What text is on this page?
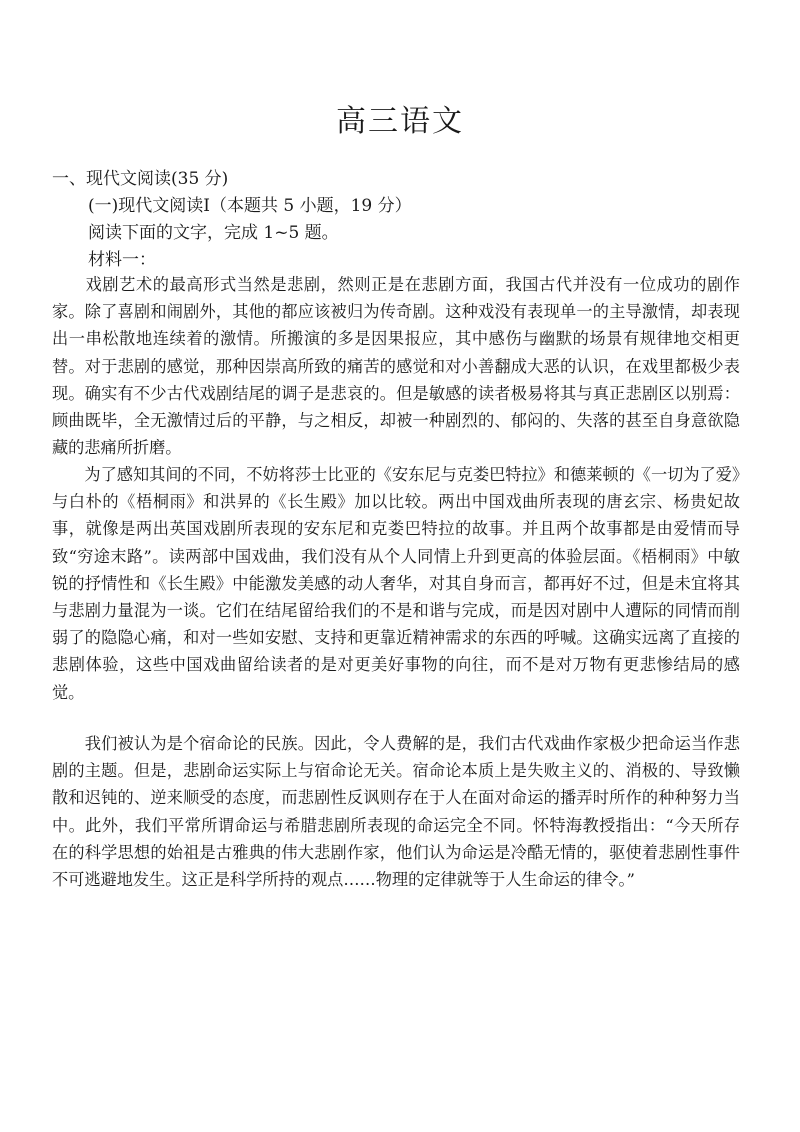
高三语文

一、现代文阅读(35 分)

(一)现代文阅读Ⅰ（本题共 5 小题，19 分）

阅读下面的文字，完成 1~5 题。

材料一：

　　戏剧艺术的最高形式当然是悲剧，然则正是在悲剧方面，我国古代并没有一位成功的剧作家。除了喜剧和闹剧外，其他的都应该被归为传奇剧。这种戏没有表现单一的主导激情，却表现出一串松散地连续着的激情。所搬演的多是因果报应，其中感伤与幽默的场景有规律地交相更替。对于悲剧的感觉，那种因崇高所致的痛苦的感觉和对小善翻成大恶的认识，在戏里都极少表现。确实有不少古代戏剧结尾的调子是悲哀的。但是敏感的读者极易将其与真正悲剧区以别焉：顾曲既毕，全无激情过后的平静，与之相反，却被一种剧烈的、郁闷的、失落的甚至自身意欲隐藏的悲痛所折磨。

　　为了感知其间的不同，不妨将莎士比亚的《安东尼与克娄巴特拉》和德莱顿的《一切为了爱》与白朴的《梧桐雨》和洪昇的《长生殿》加以比较。两出中国戏曲所表现的唐玄宗、杨贵妃故事，就像是两出英国戏剧所表现的安东尼和克娄巴特拉的故事。并且两个故事都是由爱情而导致“穷途末路”。读两部中国戏曲，我们没有从个人同情上升到更高的体验层面。《梧桐雨》中敏锐的抒情性和《长生殿》中能激发美感的动人奢华，对其自身而言，都再好不过，但是未宜将其与悲剧力量混为一谈。它们在结尾留给我们的不是和谐与完成，而是因对剧中人遭际的同情而削弱了的隐隐心痛，和对一些如安慰、支持和更靠近精神需求的东西的呼喊。这确实远离了直接的悲剧体验，这些中国戏曲留给读者的是对更美好事物的向往，而不是对万物有更悲惨结局的感觉。

　　我们被认为是个宿命论的民族。因此，令人费解的是，我们古代戏曲作家极少把命运当作悲剧的主题。但是，悲剧命运实际上与宿命论无关。宿命论本质上是失败主义的、消极的、导致懒散和迟钝的、逆来顺受的态度，而悲剧性反讽则存在于人在面对命运的播弄时所作的种种努力当中。此外，我们平常所谓命运与希腊悲剧所表现的命运完全不同。怀特海教授指出：“今天所存在的科学思想的始祖是古雅典的伟大悲剧作家，他们认为命运是冷酷无情的，驱使着悲剧性事件不可逃避地发生。这正是科学所持的观点……物理的定律就等于人生命运的律令。”
